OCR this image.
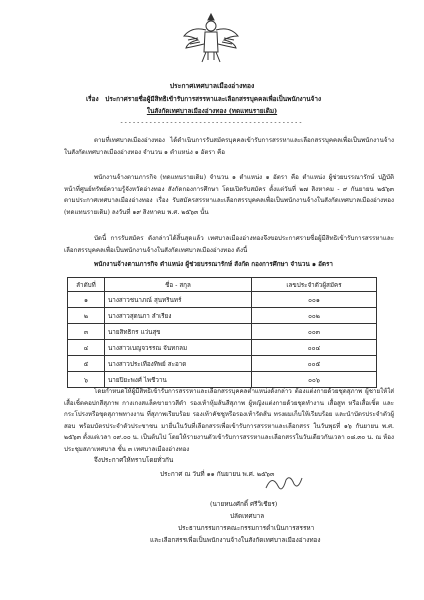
ประกาศเทศบาลเมืองอ่างทอง
เรื่อง ประกาศรายชื่อผู้มีสิทธิเข้ารับการสรรหาและเลือกสรรบุคคลเพื่อเป็นพนักงานจ้าง
ในสังกัดเทศบาลเมืองอ่างทอง (ทดแทนรายเดิม)
--------------------------------------------
ตามที่เทศบาลเมืองอ่างทอง ได้ดำเนินการรับสมัครบุคคลเข้ารับการสรรหาและเลือกสรรบุคคลเพื่อเป็นพนักงานจ้างในสังกัดเทศบาลเมืองอ่างทอง จำนวน ๑ ตำแหน่ง ๑ อัตรา คือ
พนักงานจ้างตามภารกิจ (ทดแทนรายเดิม) จำนวน ๑ ตำแหน่ง ๑ อัตรา คือ ตำแหน่ง ผู้ช่วยบรรณารักษ์ ปฏิบัติหน้าที่ศูนย์ทรัพย์ความรู้จังหวัดอ่างทอง สังกัดกองการศึกษา โดยเปิดรับสมัคร ตั้งแต่วันที่ ๒๗ สิงหาคม - ๙ กันยายน ๒๕๖๓ ตามประกาศเทศบาลเมืองอ่างทอง เรื่อง รับสมัครสรรหาและเลือกสรรบุคคลเพื่อเป็นพนักงานจ้างในสังกัดเทศบาลเมืองอ่างทอง (ทดแทนรายเดิม) ลงวันที่ ๑๙ สิงหาคม พ.ศ. ๒๕๖๓ นั้น
บัดนี้ การรับสมัคร ดังกล่าวได้สิ้นสุดแล้ว เทศบาลเมืองอ่างทองจึงขอประกาศรายชื่อผู้มีสิทธิเข้ารับการสรรหาและเลือกสรรบุคคลเพื่อเป็นพนักงานจ้างในสังกัดเทศบาลเมืองอ่างทอง ดังนี้
พนักงานจ้างตามภารกิจ ตำแหน่ง ผู้ช่วยบรรณารักษ์ สังกัด กองการศึกษา จำนวน ๑ อัตรา
ลำดับที่	ชื่อ - สกุล	เลขประจำตัวผู้สมัคร
๑	นางสาวชนาภณ์ สุนทรินทร์	๐๐๑
๒	นางสาวสุดนภา ลำเรียง	๐๐๒
๓	นายสิทธิกร แว่นสุข	๐๐๓
๔	นางสาวเบญจวรรณ จันทกลม	๐๐๔
๕	นางสาวประเทืองทิพย์ สะอาด	๐๐๕
๖	นายปิยะพงศ์ ไพชีวาน	๐๐๖
โดยกำหนดให้ผู้มีสิทธิเข้ารับการสรรหาและเลือกสรรบุคคลตำแหน่งดังกล่าว ต้องแต่งกายด้วยชุดสุภาพ ผู้ชายให้ใส่เสื้อเชิ้ตคอปกสีสุภาพ กางเกงสแล็คขายาวสีดำ รองเท้าหุ้มส้นสีสุภาพ ผู้หญิงแต่งกายด้วยชุดทำงาน เสื้อสูท หรือเสื้อเชิ้ต และกระโปรงหรือชุดสุภาพทางงาน ที่สุภาพเรียบร้อย รองเท้าคัชชูหรือรองเท้ารัดส้น ทรงผมเก็บให้เรียบร้อย และนำบัตรประจำตัวผู้สอบ พร้อมบัตรประจำตัวประชาชน มายื่นในวันที่เลือกสรรเพื่อเข้ารับการสรรหาและเลือกสรร ในวันพุธที่ ๑๖ กันยายน พ.ศ. ๒๕๖๓ ตั้งแต่เวลา ๐๙.๐๐ น. เป็นต้นไป โดยให้รายงานตัวเข้ารับการสรรหาและเลือกสรรในวันเดียวกันเวลา ๐๘.๓๐ น. ณ ห้องประชุมสภาเทศบาล ชั้น ๓ เทศบาลเมืองอ่างทอง
จึงประกาศให้ทราบโดยทั่วกัน
ประกาศ ณ วันที่ ๑๑ กันยายน พ.ศ. ๒๕๖๓
(นายหนงศักดิ์ ศรีวิเชียร)
ปลัดเทศบาล
ประธานกรรมการคณะกรรมการดำเนินการสรรหา
และเลือกสรรเพื่อเป็นพนักงานจ้างในสังกัดเทศบาลเมืองอ่างทอง
